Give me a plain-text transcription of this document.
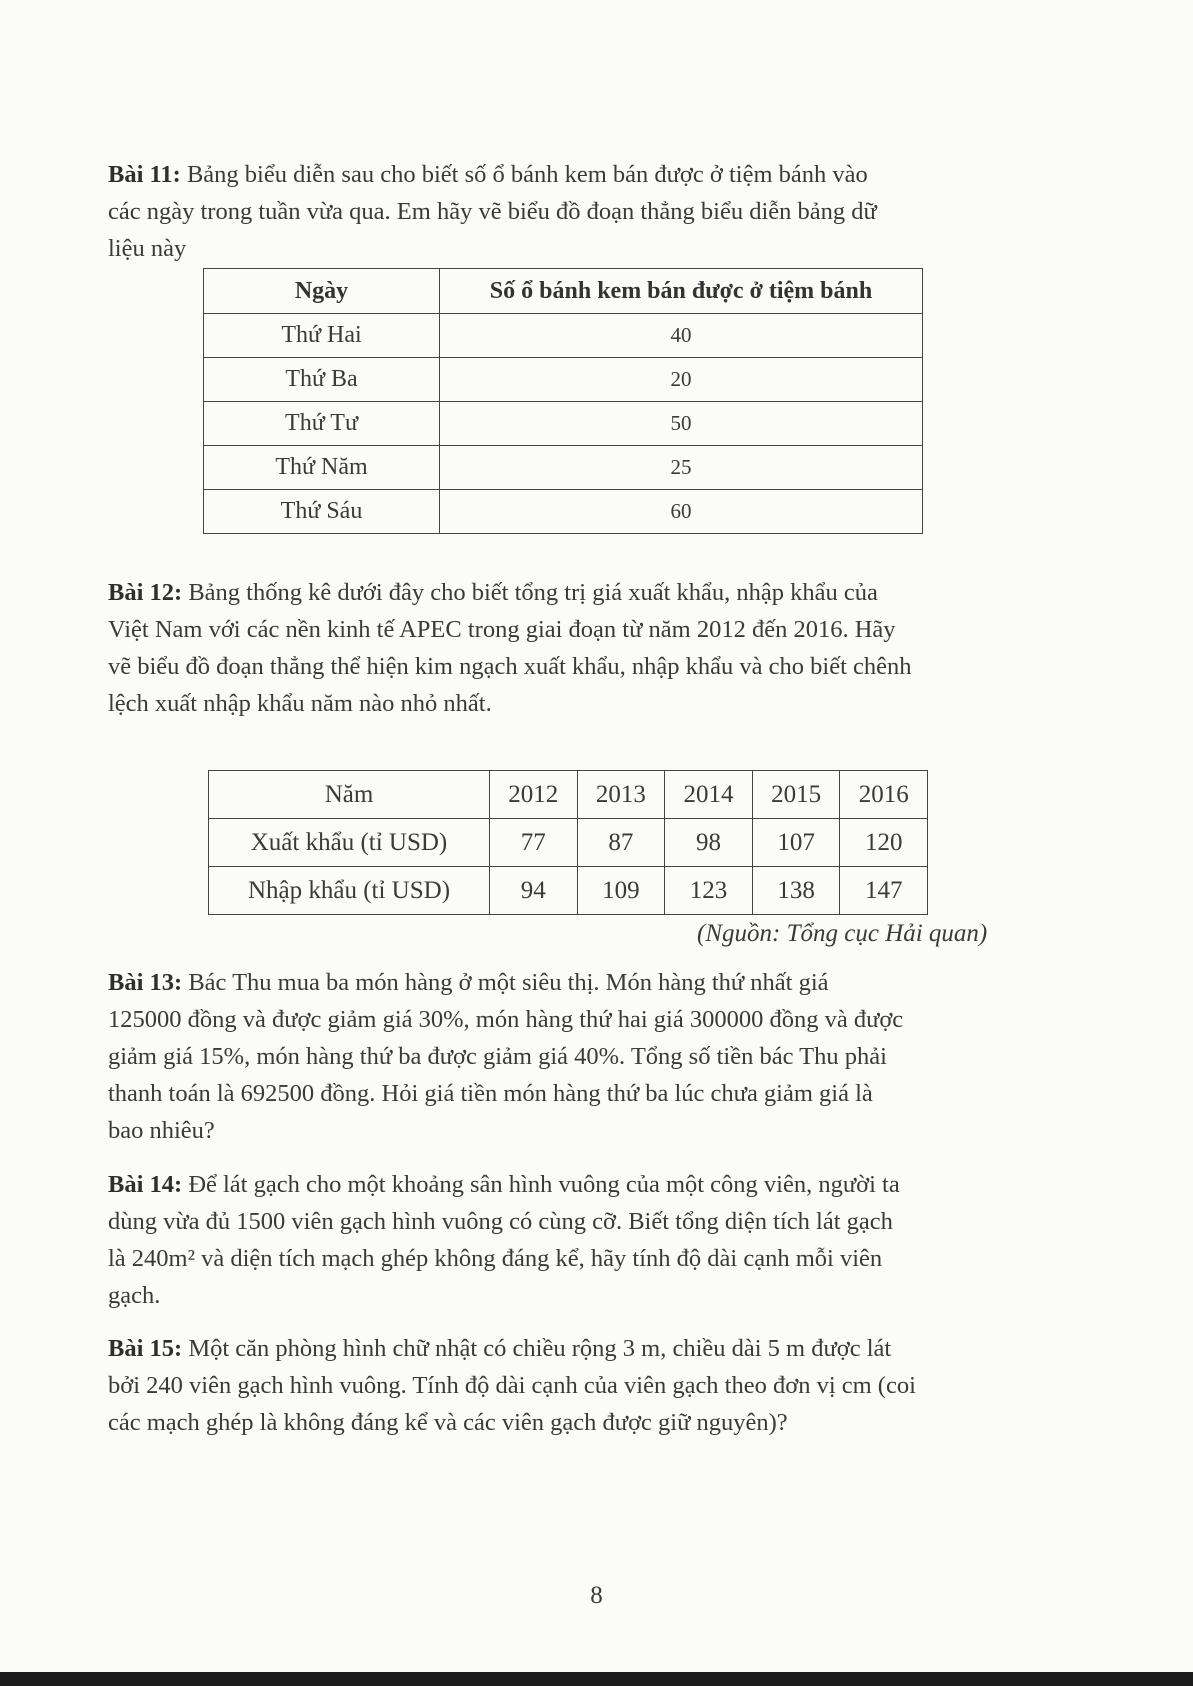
Bài 11: Bảng biểu diễn sau cho biết số ổ bánh kem bán được ở tiệm bánh vào
các ngày trong tuần vừa qua. Em hãy vẽ biểu đồ đoạn thẳng biểu diễn bảng dữ
liệu này
Ngày	Số ổ bánh kem bán được ở tiệm bánh
Thứ Hai	40
Thứ Ba	20
Thứ Tư	50
Thứ Năm	25
Thứ Sáu	60
Bài 12: Bảng thống kê dưới đây cho biết tổng trị giá xuất khẩu, nhập khẩu của
Việt Nam với các nền kinh tế APEC trong giai đoạn từ năm 2012 đến 2016. Hãy
vẽ biểu đồ đoạn thẳng thể hiện kim ngạch xuất khẩu, nhập khẩu và cho biết chênh
lệch xuất nhập khẩu năm nào nhỏ nhất.
Năm	2012	2013	2014	2015	2016
Xuất khẩu (tỉ USD)	77	87	98	107	120
Nhập khẩu (tỉ USD)	94	109	123	138	147
(Nguồn: Tổng cục Hải quan)
Bài 13: Bác Thu mua ba món hàng ở một siêu thị. Món hàng thứ nhất giá
125000 đồng và được giảm giá 30%, món hàng thứ hai giá 300000 đồng và được
giảm giá 15%, món hàng thứ ba được giảm giá 40%. Tổng số tiền bác Thu phải
thanh toán là 692500 đồng. Hỏi giá tiền món hàng thứ ba lúc chưa giảm giá là
bao nhiêu?
Bài 14: Để lát gạch cho một khoảng sân hình vuông của một công viên, người ta
dùng vừa đủ 1500 viên gạch hình vuông có cùng cỡ. Biết tổng diện tích lát gạch
là 240m² và diện tích mạch ghép không đáng kể, hãy tính độ dài cạnh mỗi viên
gạch.
Bài 15: Một căn phòng hình chữ nhật có chiều rộng 3 m, chiều dài 5 m được lát
bởi 240 viên gạch hình vuông. Tính độ dài cạnh của viên gạch theo đơn vị cm (coi
các mạch ghép là không đáng kể và các viên gạch được giữ nguyên)?
8
